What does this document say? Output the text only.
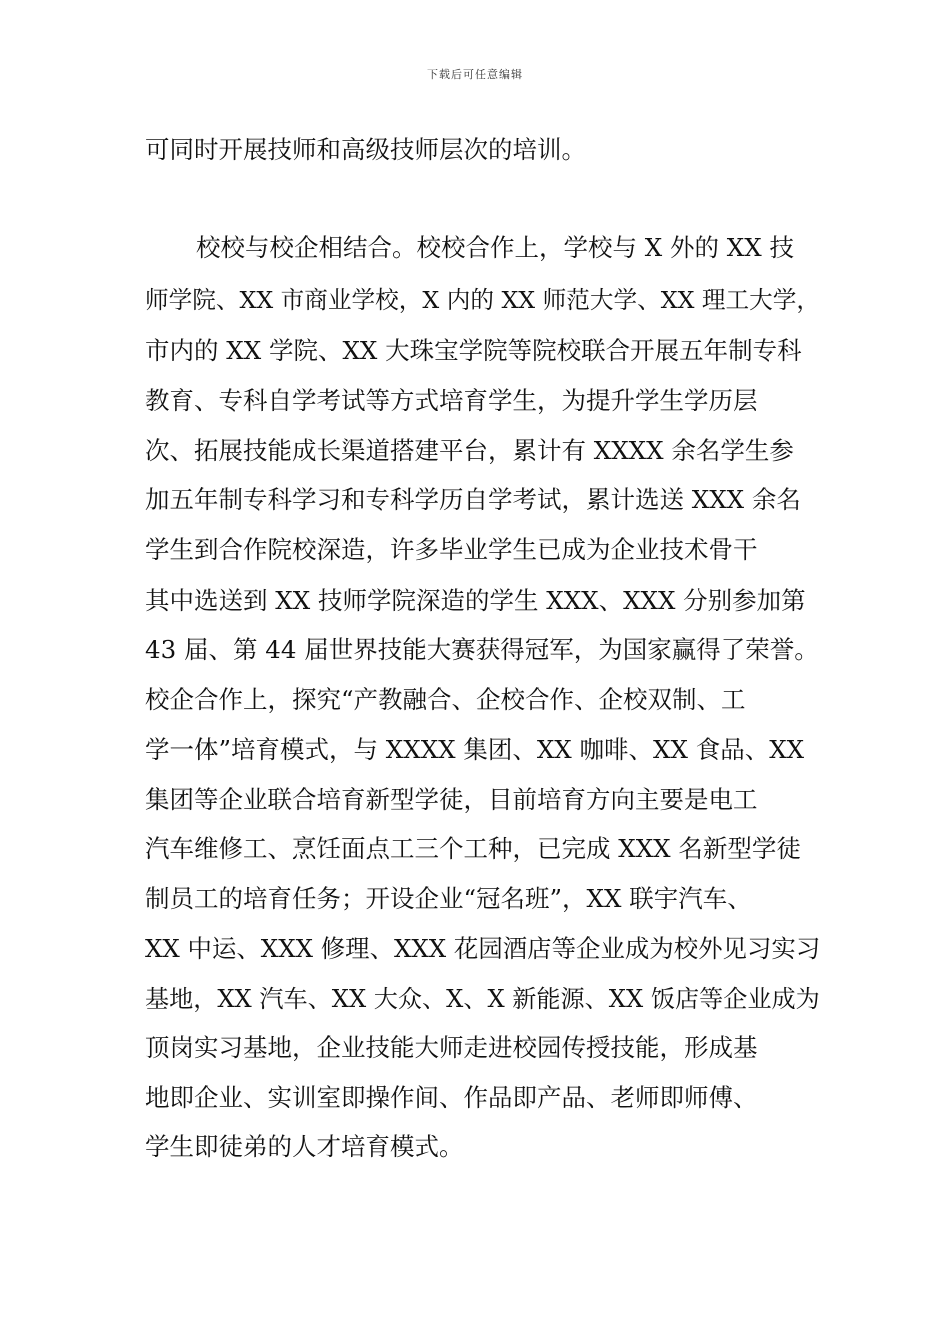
下载后可任意编辑
可同时开展技师和高级技师层次的培训。
校校与校企相结合。校校合作上，学校与 X 外的 XX 技
师学院、XX 市商业学校，X 内的 XX 师范大学、XX 理工大学，
市内的 XX 学院、XX 大珠宝学院等院校联合开展五年制专科
教育、专科自学考试等方式培育学生，为提升学生学历层
次、拓展技能成长渠道搭建平台，累计有 XXXX 余名学生参
加五年制专科学习和专科学历自学考试，累计选送 XXX 余名
学生到合作院校深造，许多毕业学生已成为企业技术骨干
其中选送到 XX 技师学院深造的学生 XXX、XXX 分别参加第
43 届、第 44 届世界技能大赛获得冠军，为国家赢得了荣誉。
校企合作上，探究“产教融合、企校合作、企校双制、工
学一体”培育模式，与 XXXX 集团、XX 咖啡、XX 食品、XX
集团等企业联合培育新型学徒，目前培育方向主要是电工
汽车维修工、烹饪面点工三个工种，已完成 XXX 名新型学徒
制员工的培育任务；开设企业“冠名班”，XX 联宇汽车、
XX 中运、XXX 修理、XXX 花园酒店等企业成为校外见习实习
基地，XX 汽车、XX 大众、X、X 新能源、XX 饭店等企业成为
顶岗实习基地，企业技能大师走进校园传授技能，形成基
地即企业、实训室即操作间、作品即产品、老师即师傅、
学生即徒弟的人才培育模式。
